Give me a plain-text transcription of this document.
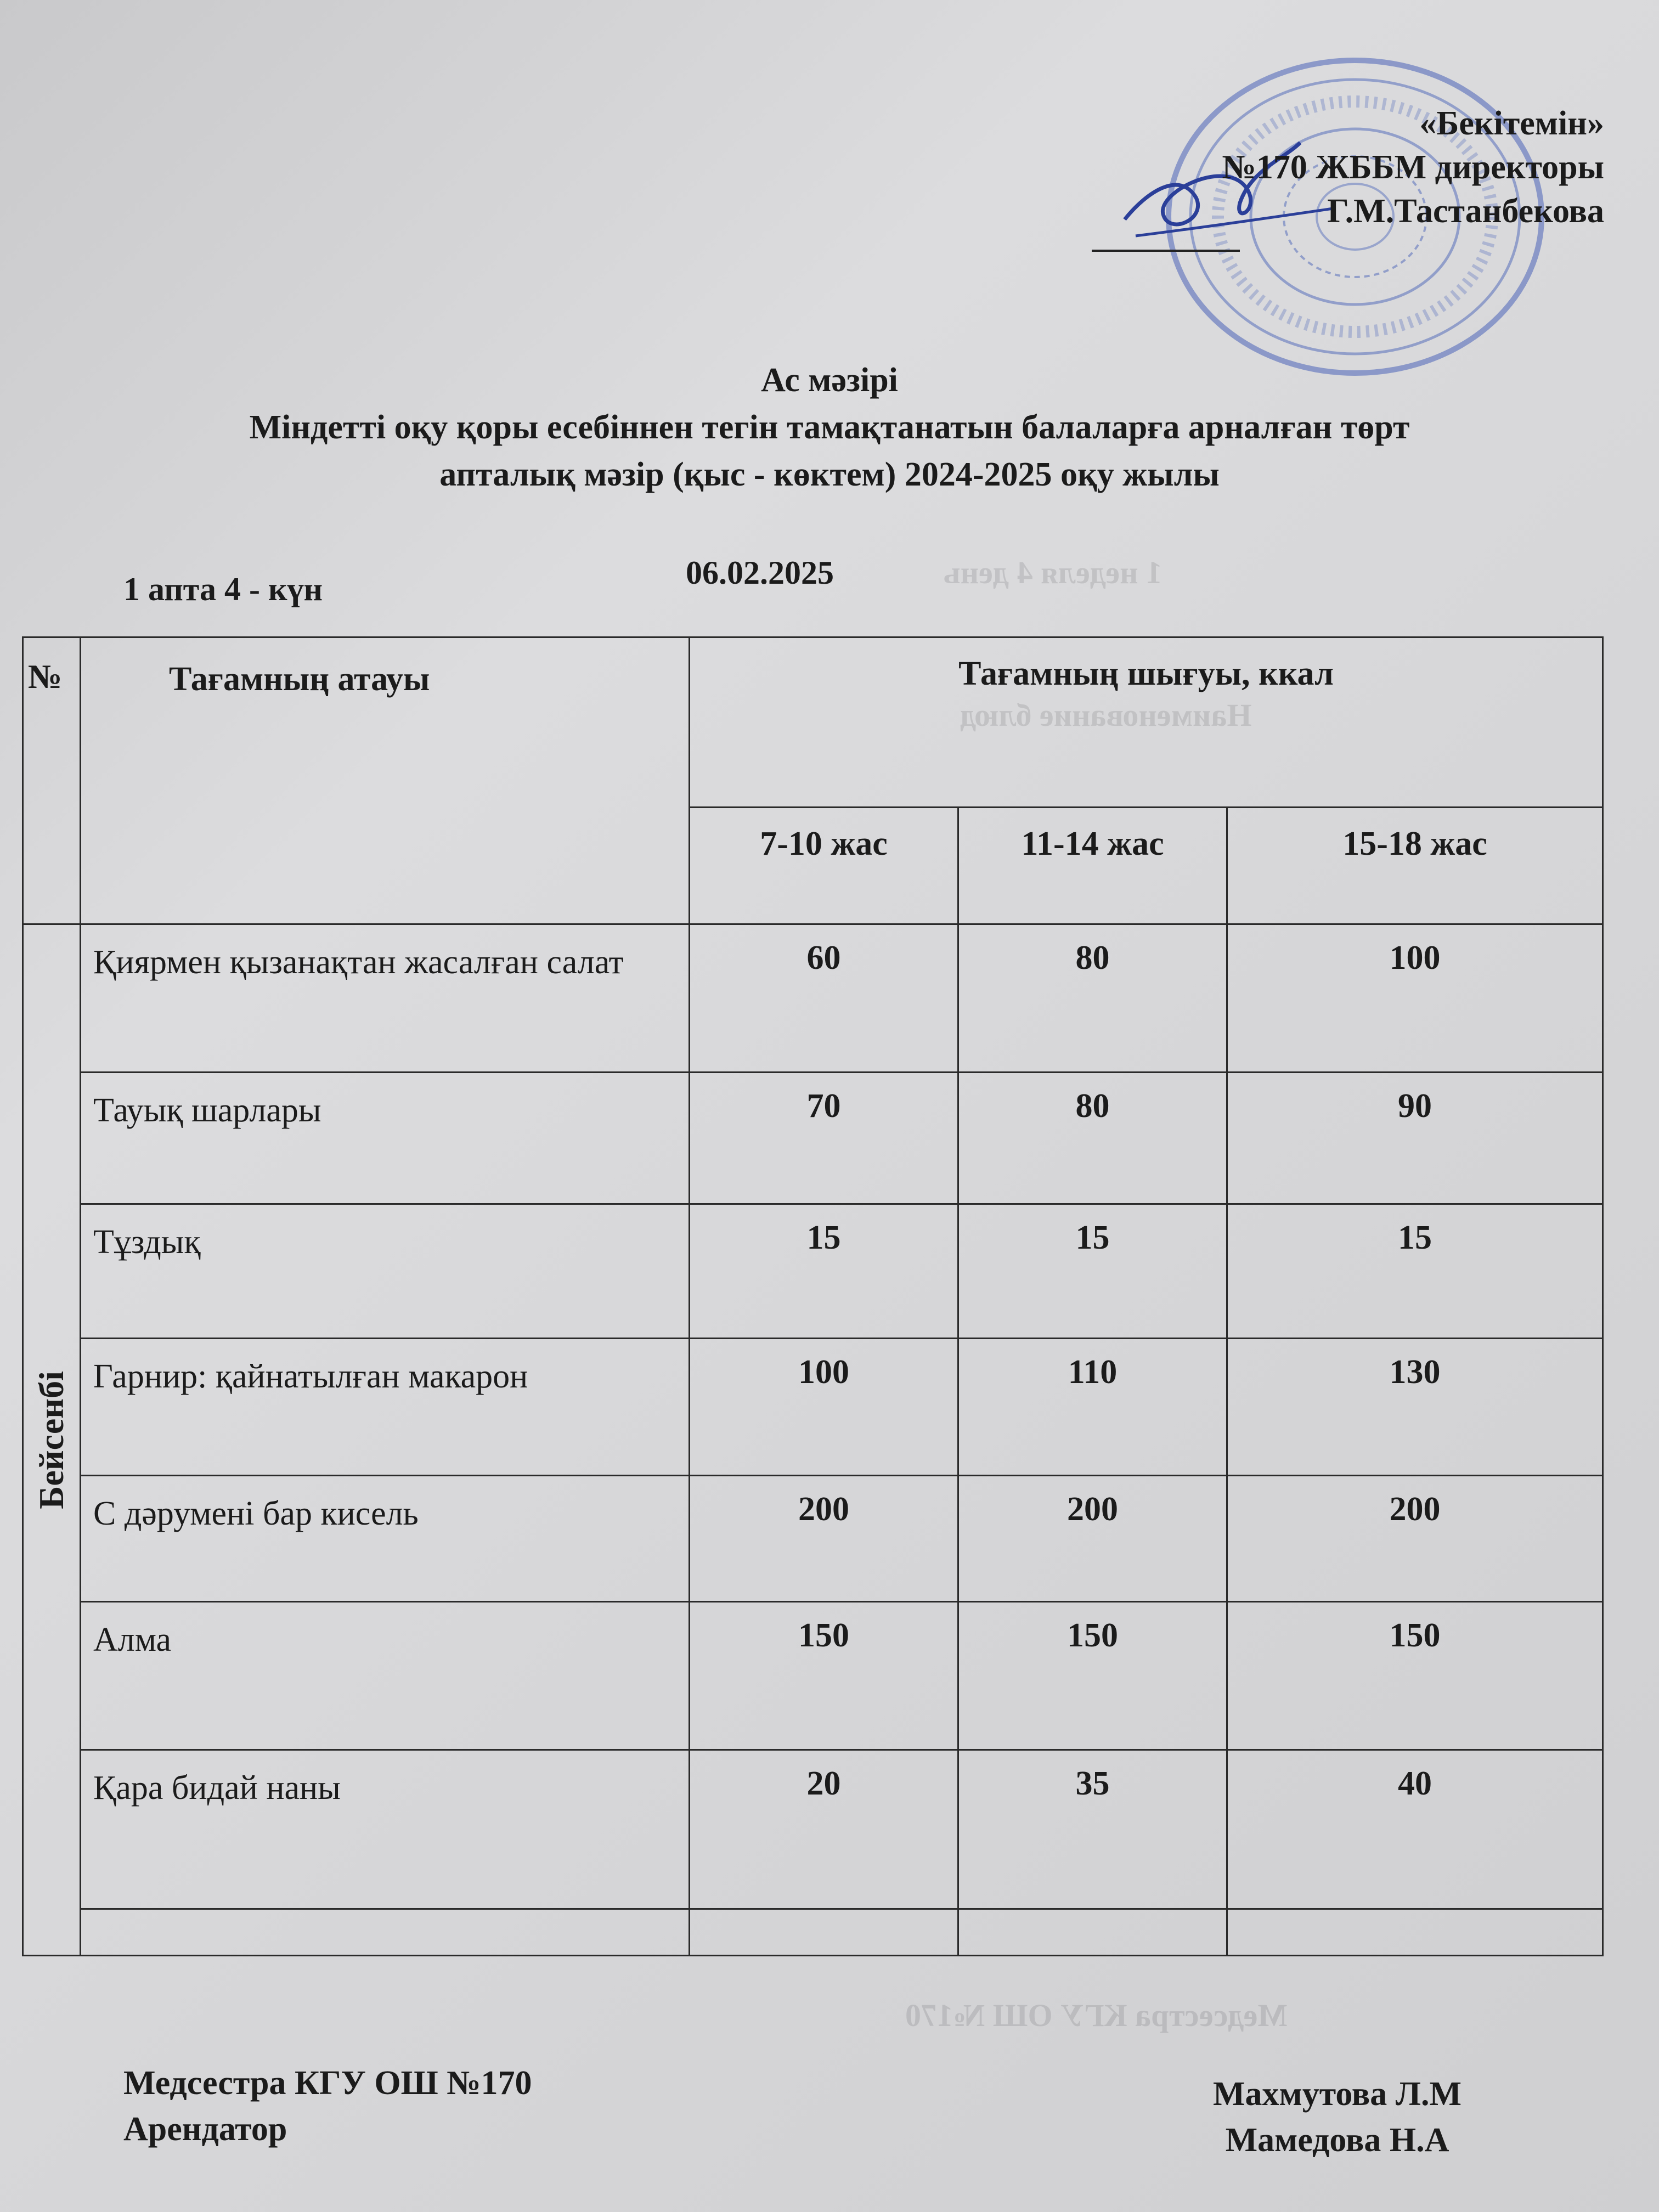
1 неделя 4 день
Наименование блюд
Медсестра КГУ ОШ №170
«Бекітемін»
№170 ЖББМ директоры
Г.М.Тастанбекова
Ас мәзірі
Міндетті оқу қоры есебіннен тегін тамақтанатын балаларға арналған төрт
апталық мәзір (қыс - көктем) 2024-2025 оқу жылы
1 апта 4 - күн	06.02.2025
№	Тағамның атауы	Тағамның шығуы, ккал		
		7-10 жас	11-14 жас	15-18 жас

Бейсенбі	Қиярмен қызанақтан жасалған салат	60	80	100
	Тауық шарлары	70	80	90
	Тұздық	15	15	15
	Гарнир: қайнатылған макарон	100	110	130
	С дәрумені бар кисель	200	200	200
	Алма	150	150	150
	Қара бидай наны	20	35	40

Медсестра КГУ ОШ №170
Арендатор
Махмутова Л.М
Мамедова Н.А
